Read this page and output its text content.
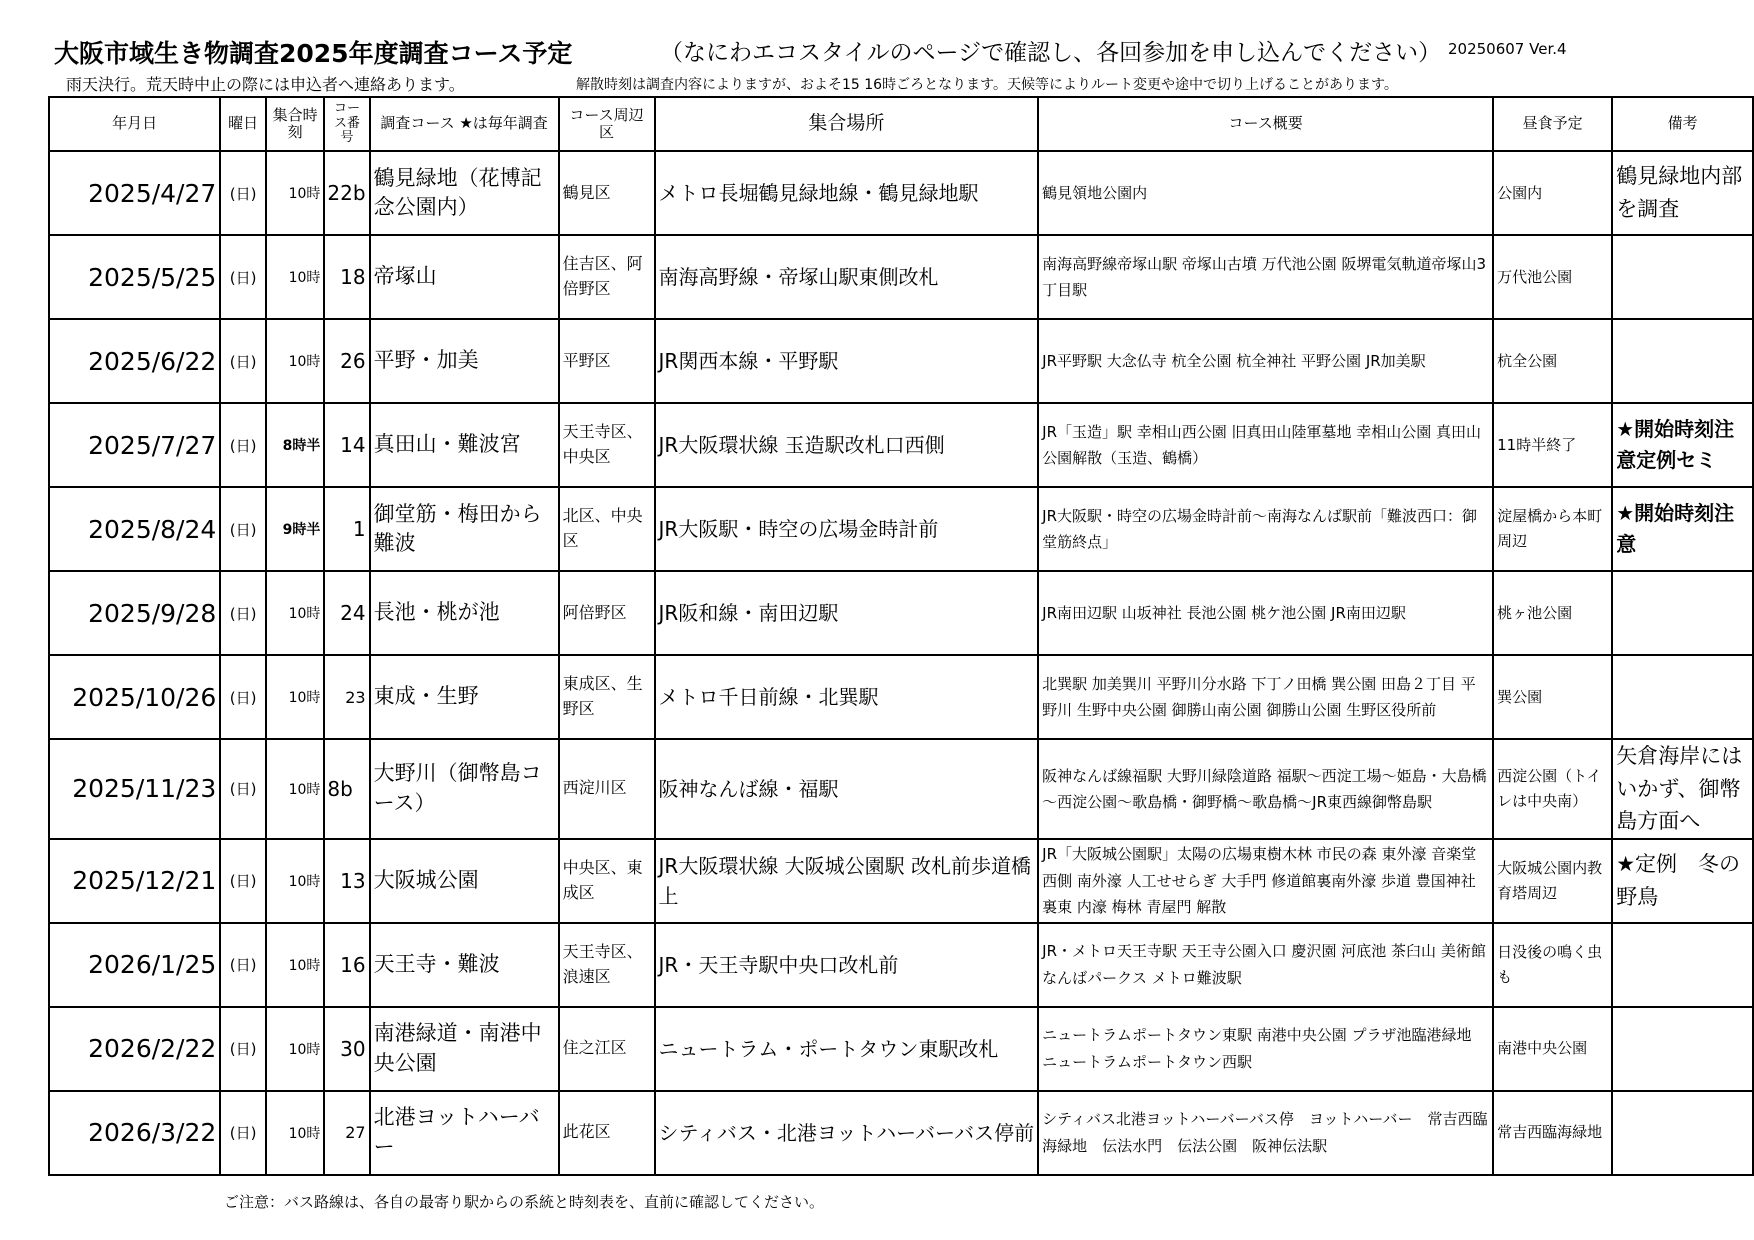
大阪市域生き物調査2025年度調査コース予定	（なにわエコスタイルのページで確認し、各回参加を申し込んでください） 20250607 Ver.4
雨天決行。荒天時中止の際には申込者へ連絡あります。	解散時刻は調査内容によりますが、およそ15 16時ごろとなります。天候等によりルート変更や途中で切り上げることがあります。
年月日	曜日	集合時刻	コース番号	調査コース ★は毎年調査	コース周辺区	集合場所	コース概要	昼食予定	備考
2025/4/27	(日)	10時	22b	鶴見緑地（花博記念公園内）	鶴見区	メトロ長堀鶴見緑地線・鶴見緑地駅	鶴見領地公園内	公園内	鶴見緑地内部を調査
2025/5/25	(日)	10時	18	帝塚山	住吉区、阿倍野区	南海高野線・帝塚山駅東側改札	南海高野線帝塚山駅 帝塚山古墳 万代池公園 阪堺電気軌道帝塚山3丁目駅	万代池公園	
2025/6/22	(日)	10時	26	平野・加美	平野区	JR関西本線・平野駅	JR平野駅 大念仏寺 杭全公園 杭全神社 平野公園 JR加美駅	杭全公園	
2025/7/27	(日)	8時半	14	真田山・難波宮	天王寺区、中央区	JR大阪環状線 玉造駅改札口西側	JR「玉造」駅 幸相山西公園 旧真田山陸軍墓地 幸相山公園 真田山公園解散（玉造、鶴橋）	11時半終了	★開始時刻注意定例セミ
2025/8/24	(日)	9時半	1	御堂筋・梅田から難波	北区、中央区	JR大阪駅・時空の広場金時計前	JR大阪駅・時空の広場金時計前～南海なんば駅前「難波西口：御堂筋終点」	淀屋橋から本町周辺	★開始時刻注意
2025/9/28	(日)	10時	24	長池・桃が池	阿倍野区	JR阪和線・南田辺駅	JR南田辺駅 山坂神社 長池公園 桃ケ池公園 JR南田辺駅	桃ヶ池公園	
2025/10/26	(日)	10時	23	東成・生野	東成区、生野区	メトロ千日前線・北巽駅	北巽駅 加美巽川 平野川分水路 下丁ノ田橋 巽公園 田島２丁目 平野川 生野中央公園 御勝山南公園 御勝山公園 生野区役所前	巽公園	
2025/11/23	(日)	10時	8b	大野川（御幣島コース）	西淀川区	阪神なんば線・福駅	阪神なんば線福駅 大野川緑陰道路 福駅～西淀工場～姫島・大島橋～西淀公園～歌島橋・御野橋～歌島橋～JR東西線御幣島駅	西淀公園（トイレは中央南）	矢倉海岸にはいかず、御幣島方面へ
2025/12/21	(日)	10時	13	大阪城公園	中央区、東成区	JR大阪環状線 大阪城公園駅 改札前歩道橋上	JR「大阪城公園駅」太陽の広場東樹木林 市民の森 東外濠 音楽堂西側 南外濠 人工せせらぎ 大手門 修道館裏南外濠 歩道 豊国神社裏東 内濠 梅林 青屋門 解散	大阪城公園内教育塔周辺	★定例　冬の野鳥
2026/1/25	(日)	10時	16	天王寺・難波	天王寺区、浪速区	JR・天王寺駅中央口改札前	JR・メトロ天王寺駅 天王寺公園入口 慶沢園 河底池 茶臼山 美術館 なんばパークス メトロ難波駅	日没後の鳴く虫も	
2026/2/22	(日)	10時	30	南港緑道・南港中央公園	住之江区	ニュートラム・ポートタウン東駅改札	ニュートラムポートタウン東駅 南港中央公園 プラザ池臨港緑地 ニュートラムポートタウン西駅	南港中央公園	
2026/3/22	(日)	10時	27	北港ヨットハーバー	此花区	シティバス・北港ヨットハーバーバス停前	シティバス北港ヨットハーバーバス停　ヨットハーバー　常吉西臨海緑地　伝法水門　伝法公園　阪神伝法駅	常吉西臨海緑地	
ご注意：バス路線は、各自の最寄り駅からの系統と時刻表を、直前に確認してください。
